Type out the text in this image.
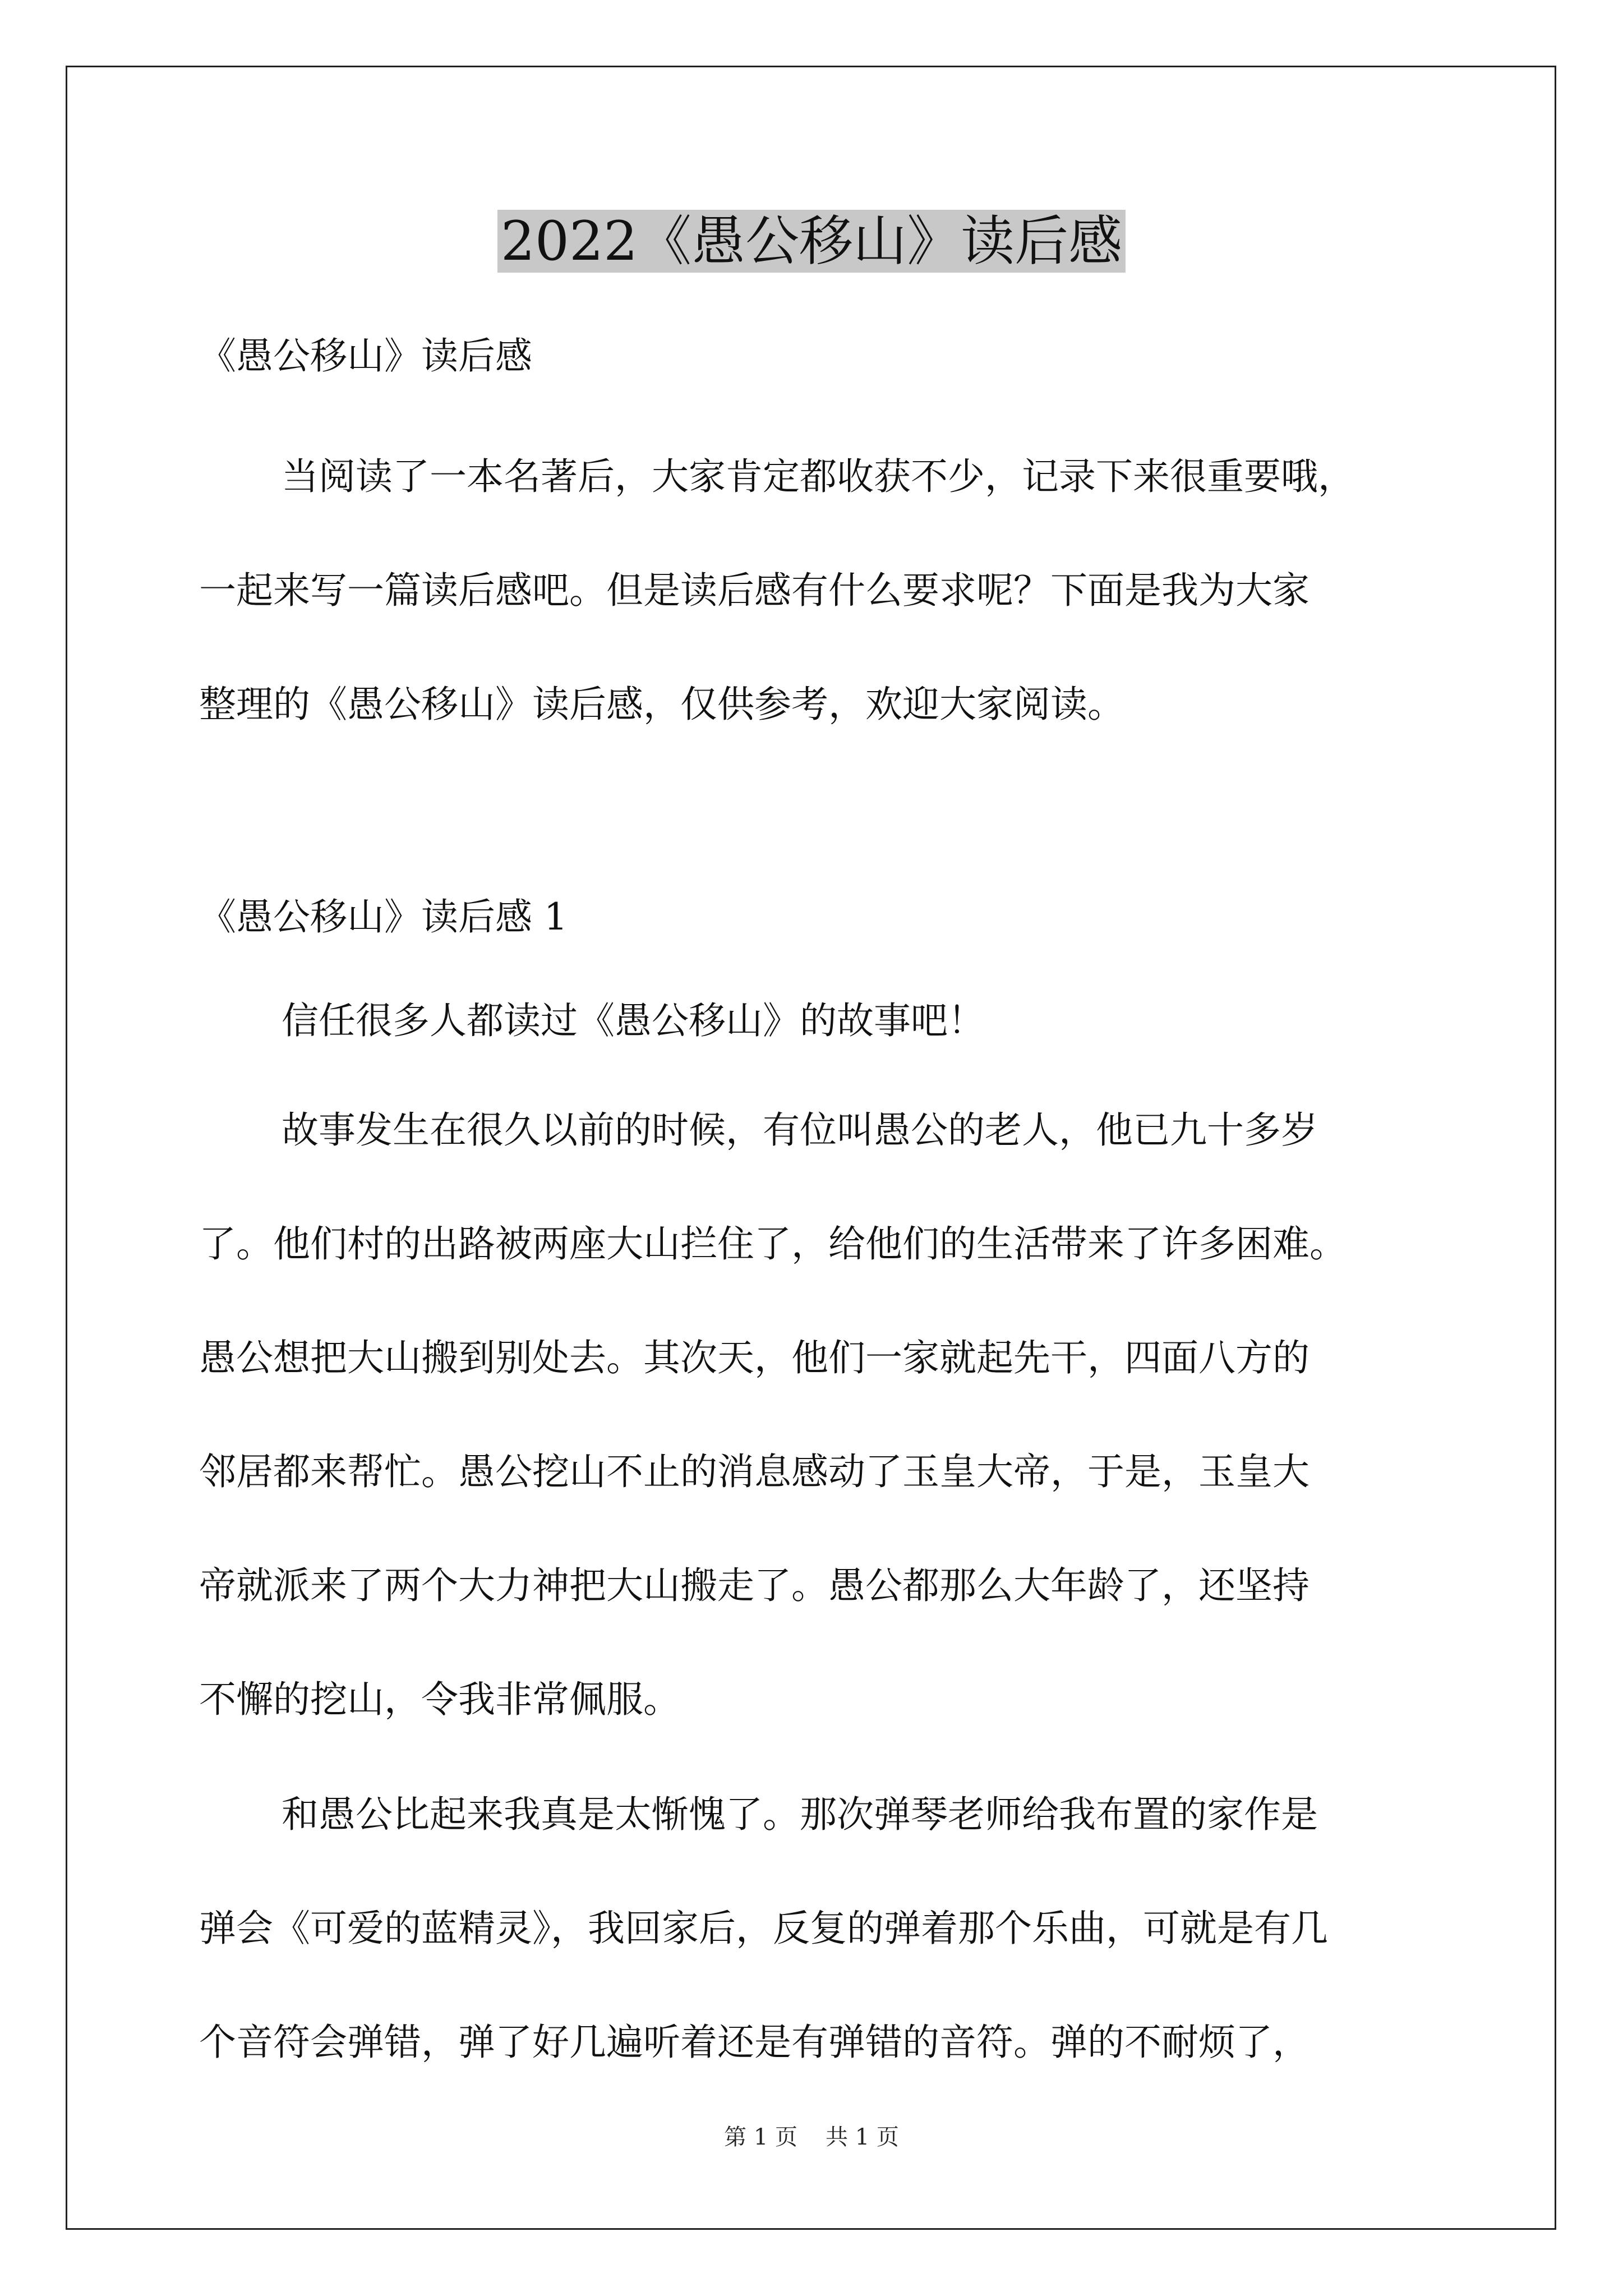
2022《愚公移山》读后感

《愚公移山》读后感

当阅读了一本名著后，大家肯定都收获不少，记录下来很重要哦，

一起来写一篇读后感吧。但是读后感有什么要求呢？下面是我为大家

整理的《愚公移山》读后感，仅供参考，欢迎大家阅读。

《愚公移山》读后感 1

信任很多人都读过《愚公移山》的故事吧！

故事发生在很久以前的时候，有位叫愚公的老人，他已九十多岁

了。他们村的出路被两座大山拦住了，给他们的生活带来了许多困难。

愚公想把大山搬到别处去。其次天，他们一家就起先干，四面八方的

邻居都来帮忙。愚公挖山不止的消息感动了玉皇大帝，于是，玉皇大

帝就派来了两个大力神把大山搬走了。愚公都那么大年龄了，还坚持

不懈的挖山，令我非常佩服。

和愚公比起来我真是太惭愧了。那次弹琴老师给我布置的家作是

弹会《可爱的蓝精灵》，我回家后，反复的弹着那个乐曲，可就是有几

个音符会弹错，弹了好几遍听着还是有弹错的音符。弹的不耐烦了，

第 1 页 共 1 页
